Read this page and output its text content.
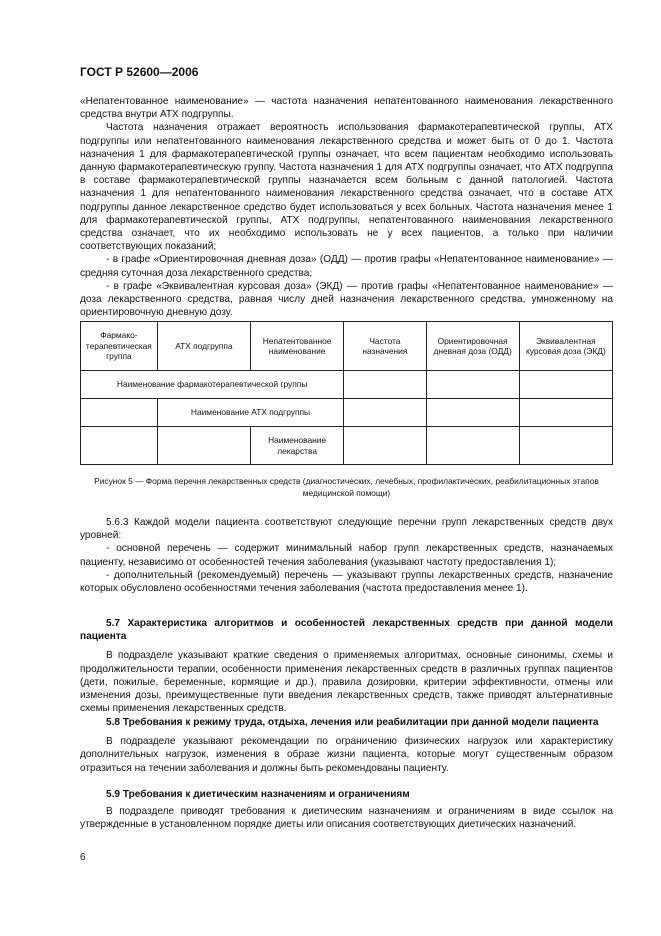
ГОСТ Р 52600—2006

«Непатентованное наименование» — частота назначения непатентованного наименования лекарственного средства внутри АТХ подгруппы.

Частота назначения отражает вероятность использования фармакотерапевтической группы, АТХ подгруппы или непатентованного наименования лекарственного средства и может быть от 0 до 1. Частота назначения 1 для фармакотерапевтической группы означает, что всем пациентам необходимо использовать данную фармакотерапевтическую группу. Частота назначения 1 для АТХ подгруппы означает, что АТХ подгруппа в составе фармакотерапевтической группы назначается всем больным с данной патологией. Частота назначения 1 для непатентованного наименования лекарственного средства означает, что в составе АТХ подгруппы данное лекарственное средство будет использоваться у всех больных. Частота назначения менее 1 для фармакотерапевтической группы, АТХ подгруппы, непатентованного наименования лекарственного средства означает, что их необходимо использовать не у всех пациентов, а только при наличии соответствующих показаний;

- в графе «Ориентировочная дневная доза» (ОДД) — против графы «Непатентованное наименование» — средняя суточная доза лекарственного средства;

- в графе «Эквивалентная курсовая доза» (ЭКД) — против графы «Непатентованное наименование» — доза лекарственного средства, равная числу дней назначения лекарственного средства, умноженному на ориентировочную дневную дозу.

Фармако-терапевтическая группа	АТХ подгруппа	Непатентованное наименование	Частота назначения	Ориентировочная дневная доза (ОДД)	Эквивалентная курсовая доза (ЭКД)
Наименование фармакотерапевтической группы					
	Наименование АТХ подгруппы				
		Наименование лекарства			
Рисунок 5 — Форма перечня лекарственных средств (диагностических, лечебных, профилактических, реабилитационных этапов медицинской помощи)

5.6.3 Каждой модели пациента соответствуют следующие перечни групп лекарственных средств двух уровней:

- основной перечень — содержит минимальный набор групп лекарственных средств, назначаемых пациенту, независимо от особенностей течения заболевания (указывают частоту предоставления 1);

- дополнительный (рекомендуемый) перечень — указывают группы лекарственных средств, назначение которых обусловлено особенностями течения заболевания (частота предоставления менее 1).

5.7 Характеристика алгоритмов и особенностей лекарственных средств при данной модели пациента

В подразделе указывают краткие сведения о применяемых алгоритмах, основные синонимы, схемы и продолжительности терапии, особенности применения лекарственных средств в различных группах пациентов (дети, пожилые, беременные, кормящие и др.), правила дозировки, критерии эффективности, отмены или изменения дозы, преимущественные пути введения лекарственных средств, также приводят альтернативные схемы применения лекарственных средств.

5.8 Требования к режиму труда, отдыха, лечения или реабилитации при данной модели пациента

В подразделе указывают рекомендации по ограничению физических нагрузок или характеристику дополнительных нагрузок, изменения в образе жизни пациента, которые могут существенным образом отразиться на течении заболевания и должны быть рекомендованы пациенту.

5.9 Требования к диетическим назначениям и ограничениям

В подразделе приводят требования к диетическим назначениям и ограничениям в виде ссылок на утвержденные в установленном порядке диеты или описания соответствующих диетических назначений.

6
